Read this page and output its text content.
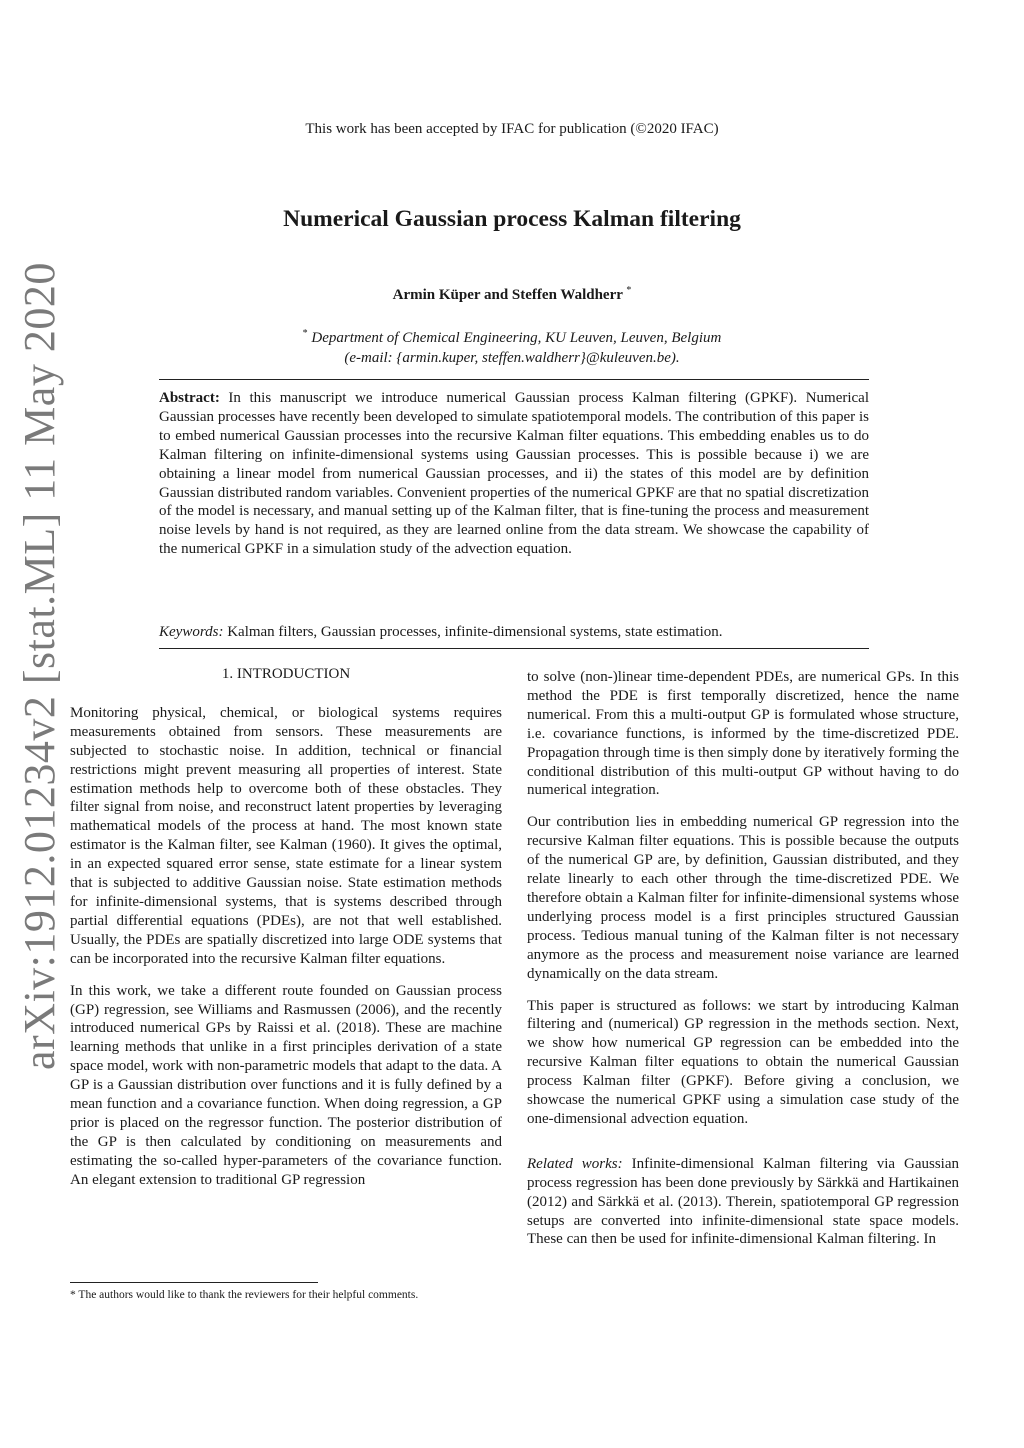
arXiv:1912.01234v2 [stat.ML] 11 May 2020
This work has been accepted by IFAC for publication (©2020 IFAC)
Numerical Gaussian process Kalman filtering
Armin Küper and Steffen Waldherr *
* Department of Chemical Engineering, KU Leuven, Leuven, Belgium
(e-mail: {armin.kuper, steffen.waldherr}@kuleuven.be).
Abstract: In this manuscript we introduce numerical Gaussian process Kalman filtering (GPKF). Numerical Gaussian processes have recently been developed to simulate spatiotemporal models. The contribution of this paper is to embed numerical Gaussian processes into the recursive Kalman filter equations. This embedding enables us to do Kalman filtering on infinite-dimensional systems using Gaussian processes. This is possible because i) we are obtaining a linear model from numerical Gaussian processes, and ii) the states of this model are by definition Gaussian distributed random variables. Convenient properties of the numerical GPKF are that no spatial discretization of the model is necessary, and manual setting up of the Kalman filter, that is fine-tuning the process and measurement noise levels by hand is not required, as they are learned online from the data stream. We showcase the capability of the numerical GPKF in a simulation study of the advection equation.
Keywords: Kalman filters, Gaussian processes, infinite-dimensional systems, state estimation.
1. INTRODUCTION

Monitoring physical, chemical, or biological systems requires measurements obtained from sensors. These measurements are subjected to stochastic noise. In addition, technical or financial restrictions might prevent measuring all properties of interest. State estimation methods help to overcome both of these obstacles. They filter signal from noise, and reconstruct latent properties by leveraging mathematical models of the process at hand. The most known state estimator is the Kalman filter, see Kalman (1960). It gives the optimal, in an expected squared error sense, state estimate for a linear system that is subjected to additive Gaussian noise. State estimation methods for infinite-dimensional systems, that is systems described through partial differential equations (PDEs), are not that well established. Usually, the PDEs are spatially discretized into large ODE systems that can be incorporated into the recursive Kalman filter equations.

In this work, we take a different route founded on Gaussian process (GP) regression, see Williams and Rasmussen (2006), and the recently introduced numerical GPs by Raissi et al. (2018). These are machine learning methods that unlike in a first principles derivation of a state space model, work with non-parametric models that adapt to the data. A GP is a Gaussian distribution over functions and it is fully defined by a mean function and a covariance function. When doing regression, a GP prior is placed on the regressor function. The posterior distribution of the GP is then calculated by conditioning on measurements and estimating the so-called hyper-parameters of the covariance function. An elegant extension to traditional GP regression

to solve (non-)linear time-dependent PDEs, are numerical GPs. In this method the PDE is first temporally discretized, hence the name numerical. From this a multi-output GP is formulated whose structure, i.e. covariance functions, is informed by the time-discretized PDE. Propagation through time is then simply done by iteratively forming the conditional distribution of this multi-output GP without having to do numerical integration.

Our contribution lies in embedding numerical GP regression into the recursive Kalman filter equations. This is possible because the outputs of the numerical GP are, by definition, Gaussian distributed, and they relate linearly to each other through the time-discretized PDE. We therefore obtain a Kalman filter for infinite-dimensional systems whose underlying process model is a first principles structured Gaussian process. Tedious manual tuning of the Kalman filter is not necessary anymore as the process and measurement noise variance are learned dynamically on the data stream.

This paper is structured as follows: we start by introducing Kalman filtering and (numerical) GP regression in the methods section. Next, we show how numerical GP regression can be embedded into the recursive Kalman filter equations to obtain the numerical Gaussian process Kalman filter (GPKF). Before giving a conclusion, we showcase the numerical GPKF using a simulation case study of the one-dimensional advection equation.

Related works: Infinite-dimensional Kalman filtering via Gaussian process regression has been done previously by Särkkä and Hartikainen (2012) and Särkkä et al. (2013). Therein, spatiotemporal GP regression setups are converted into infinite-dimensional state space models. These can then be used for infinite-dimensional Kalman filtering. In

* The authors would like to thank the reviewers for their helpful comments.
